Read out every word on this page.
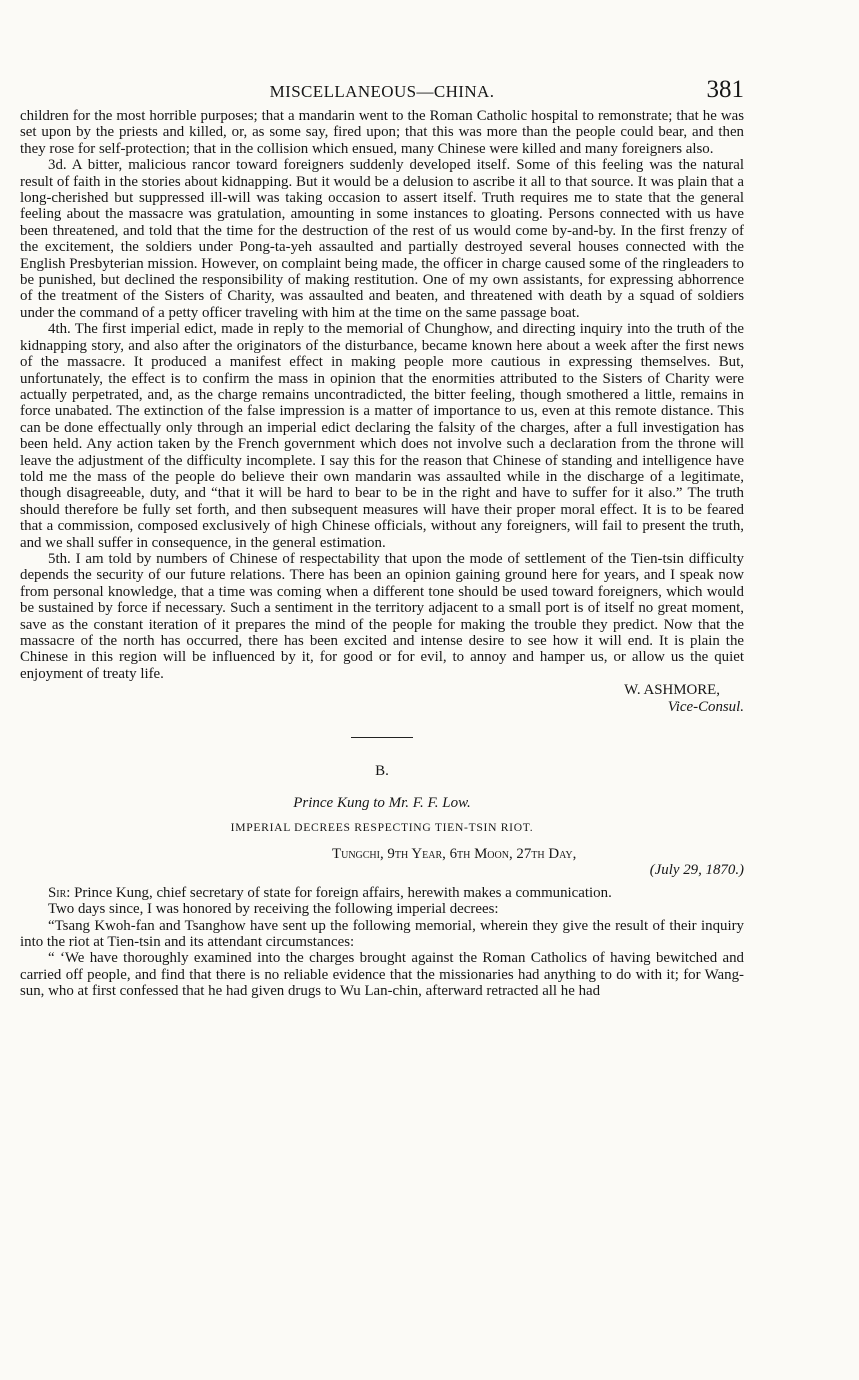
MISCELLANEOUS—CHINA.	381

children for the most horrible purposes; that a mandarin went to the Roman Catholic hospital to remonstrate; that he was set upon by the priests and killed, or, as some say, fired upon; that this was more than the people could bear, and then they rose for self-protection; that in the collision which ensued, many Chinese were killed and many foreigners also.

3d. A bitter, malicious rancor toward foreigners suddenly developed itself. Some of this feeling was the natural result of faith in the stories about kidnapping. But it would be a delusion to ascribe it all to that source. It was plain that a long-cherished but suppressed ill-will was taking occasion to assert itself. Truth requires me to state that the general feeling about the massacre was gratulation, amounting in some instances to gloating. Persons connected with us have been threatened, and told that the time for the destruction of the rest of us would come by-and-by. In the first frenzy of the excitement, the soldiers under Pong-ta-yeh assaulted and partially destroyed several houses connected with the English Presbyterian mission. However, on complaint being made, the officer in charge caused some of the ringleaders to be punished, but declined the responsibility of making restitution. One of my own assistants, for expressing abhorrence of the treatment of the Sisters of Charity, was assaulted and beaten, and threatened with death by a squad of soldiers under the command of a petty officer traveling with him at the time on the same passage boat.

4th. The first imperial edict, made in reply to the memorial of Chunghow, and directing inquiry into the truth of the kidnapping story, and also after the originators of the disturbance, became known here about a week after the first news of the massacre. It produced a manifest effect in making people more cautious in expressing themselves. But, unfortunately, the effect is to confirm the mass in opinion that the enormities attributed to the Sisters of Charity were actually perpetrated, and, as the charge remains uncontradicted, the bitter feeling, though smothered a little, remains in force unabated. The extinction of the false impression is a matter of importance to us, even at this remote distance. This can be done effectually only through an imperial edict declaring the falsity of the charges, after a full investigation has been held. Any action taken by the French government which does not involve such a declaration from the throne will leave the adjustment of the difficulty incomplete. I say this for the reason that Chinese of standing and intelligence have told me the mass of the people do believe their own mandarin was assaulted while in the discharge of a legitimate, though disagreeable, duty, and “that it will be hard to bear to be in the right and have to suffer for it also.” The truth should therefore be fully set forth, and then subsequent measures will have their proper moral effect. It is to be feared that a commission, composed exclusively of high Chinese officials, without any foreigners, will fail to present the truth, and we shall suffer in consequence, in the general estimation.

5th. I am told by numbers of Chinese of respectability that upon the mode of settlement of the Tien-tsin difficulty depends the security of our future relations. There has been an opinion gaining ground here for years, and I speak now from personal knowledge, that a time was coming when a different tone should be used toward foreigners, which would be sustained by force if necessary. Such a sentiment in the territory adjacent to a small port is of itself no great moment, save as the constant iteration of it prepares the mind of the people for making the trouble they predict. Now that the massacre of the north has occurred, there has been excited and intense desire to see how it will end. It is plain the Chinese in this region will be influenced by it, for good or for evil, to annoy and hamper us, or allow us the quiet enjoyment of treaty life.

W. ASHMORE,
Vice-Consul.
B.
Prince Kung to Mr. F. F. Low.
IMPERIAL DECREES RESPECTING TIEN-TSIN RIOT.
Tungchi, 9th Year, 6th Moon, 27th Day,
(July 29, 1870.)

Sir: Prince Kung, chief secretary of state for foreign affairs, herewith makes a communication.

Two days since, I was honored by receiving the following imperial decrees:

“Tsang Kwoh-fan and Tsanghow have sent up the following memorial, wherein they give the result of their inquiry into the riot at Tien-tsin and its attendant circumstances:

“ ‘We have thoroughly examined into the charges brought against the Roman Catholics of having bewitched and carried off people, and find that there is no reliable evidence that the missionaries had anything to do with it; for Wang-sun, who at first confessed that he had given drugs to Wu Lan-chin, afterward retracted all he had
